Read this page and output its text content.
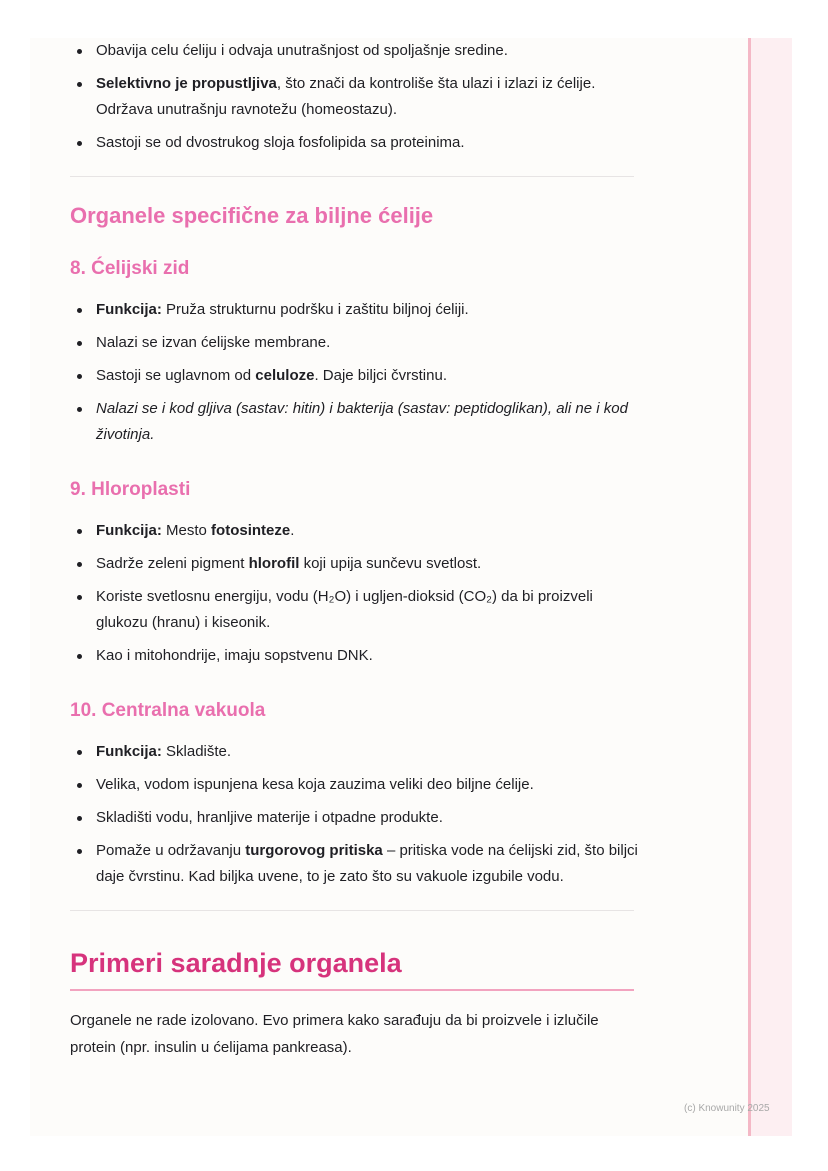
Obavija celu ćeliju i odvaja unutrašnjost od spoljašnje sredine.
Selektivno je propustljiva, što znači da kontroliše šta ulazi i izlazi iz ćelije. Održava unutrašnju ravnotežu (homeostazu).
Sastoji se od dvostrukog sloja fosfolipida sa proteinima.
Organele specifične za biljne ćelije
8. Ćelijski zid
Funkcija: Pruža strukturnu podršku i zaštitu biljnoj ćeliji.
Nalazi se izvan ćelijske membrane.
Sastoji se uglavnom od celuloze. Daje biljci čvrstinu.
Nalazi se i kod gljiva (sastav: hitin) i bakterija (sastav: peptidoglikan), ali ne i kod životinja.
9. Hloroplasti
Funkcija: Mesto fotosinteze.
Sadrže zeleni pigment hlorofil koji upija sunčevu svetlost.
Koriste svetlosnu energiju, vodu (H₂O) i ugljen-dioksid (CO₂) da bi proizveli glukozu (hranu) i kiseonik.
Kao i mitohondrije, imaju sopstvenu DNK.
10. Centralna vakuola
Funkcija: Skladište.
Velika, vodom ispunjena kesa koja zauzima veliki deo biljne ćelije.
Skladišti vodu, hranljive materije i otpadne produkte.
Pomaže u održavanju turgorovog pritiska – pritiska vode na ćelijski zid, što biljci daje čvrstinu. Kad biljka uvene, to je zato što su vakuole izgubile vodu.
Primeri saradnje organela

Organele ne rade izolovano. Evo primera kako sarađuju da bi proizvele i izlučile protein (npr. insulin u ćelijama pankreasa).

(c) Knowunity 2025
